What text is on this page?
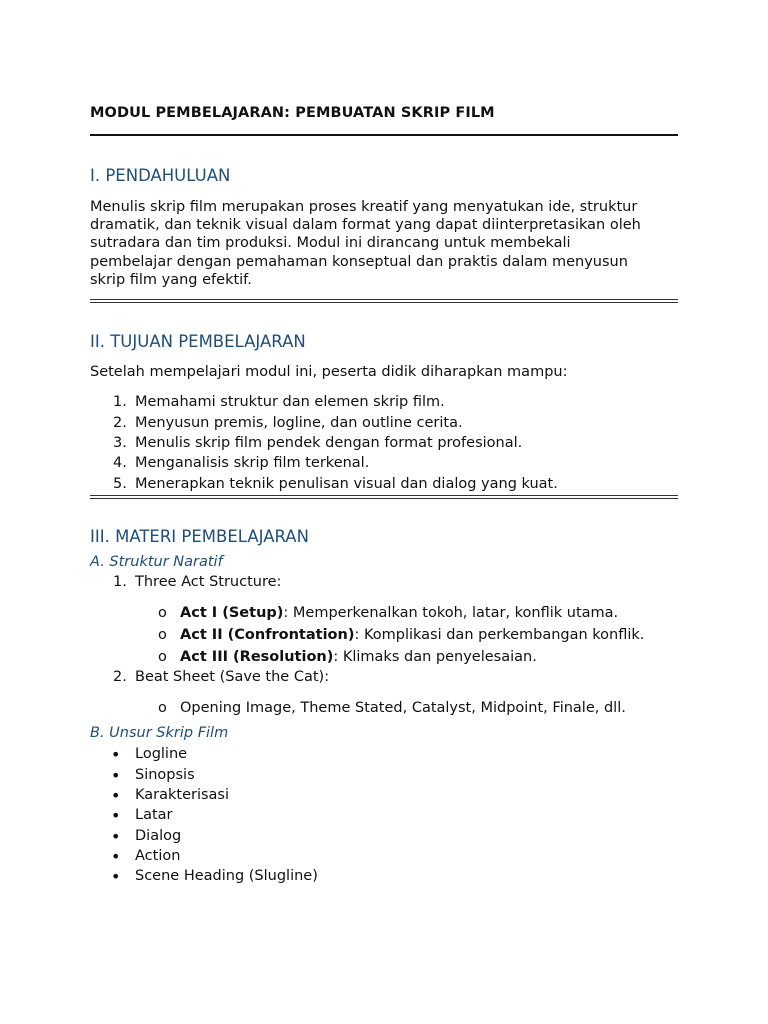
MODUL PEMBELAJARAN: PEMBUATAN SKRIP FILM
I. PENDAHULUAN
Menulis skrip film merupakan proses kreatif yang menyatukan ide, struktur
dramatik, dan teknik visual dalam format yang dapat diinterpretasikan oleh
sutradara dan tim produksi. Modul ini dirancang untuk membekali
pembelajar dengan pemahaman konseptual dan praktis dalam menyusun
skrip film yang efektif.
II. TUJUAN PEMBELAJARAN
Setelah mempelajari modul ini, peserta didik diharapkan mampu:
1. Memahami struktur dan elemen skrip film.
2. Menyusun premis, logline, dan outline cerita.
3. Menulis skrip film pendek dengan format profesional.
4. Menganalisis skrip film terkenal.
5. Menerapkan teknik penulisan visual dan dialog yang kuat.
III. MATERI PEMBELAJARAN
A. Struktur Naratif
1. Three Act Structure:
o Act I (Setup): Memperkenalkan tokoh, latar, konflik utama.
o Act II (Confrontation): Komplikasi dan perkembangan konflik.
o Act III (Resolution): Klimaks dan penyelesaian.
2. Beat Sheet (Save the Cat):
o Opening Image, Theme Stated, Catalyst, Midpoint, Finale, dll.
B. Unsur Skrip Film
• Logline
• Sinopsis
• Karakterisasi
• Latar
• Dialog
• Action
• Scene Heading (Slugline)
